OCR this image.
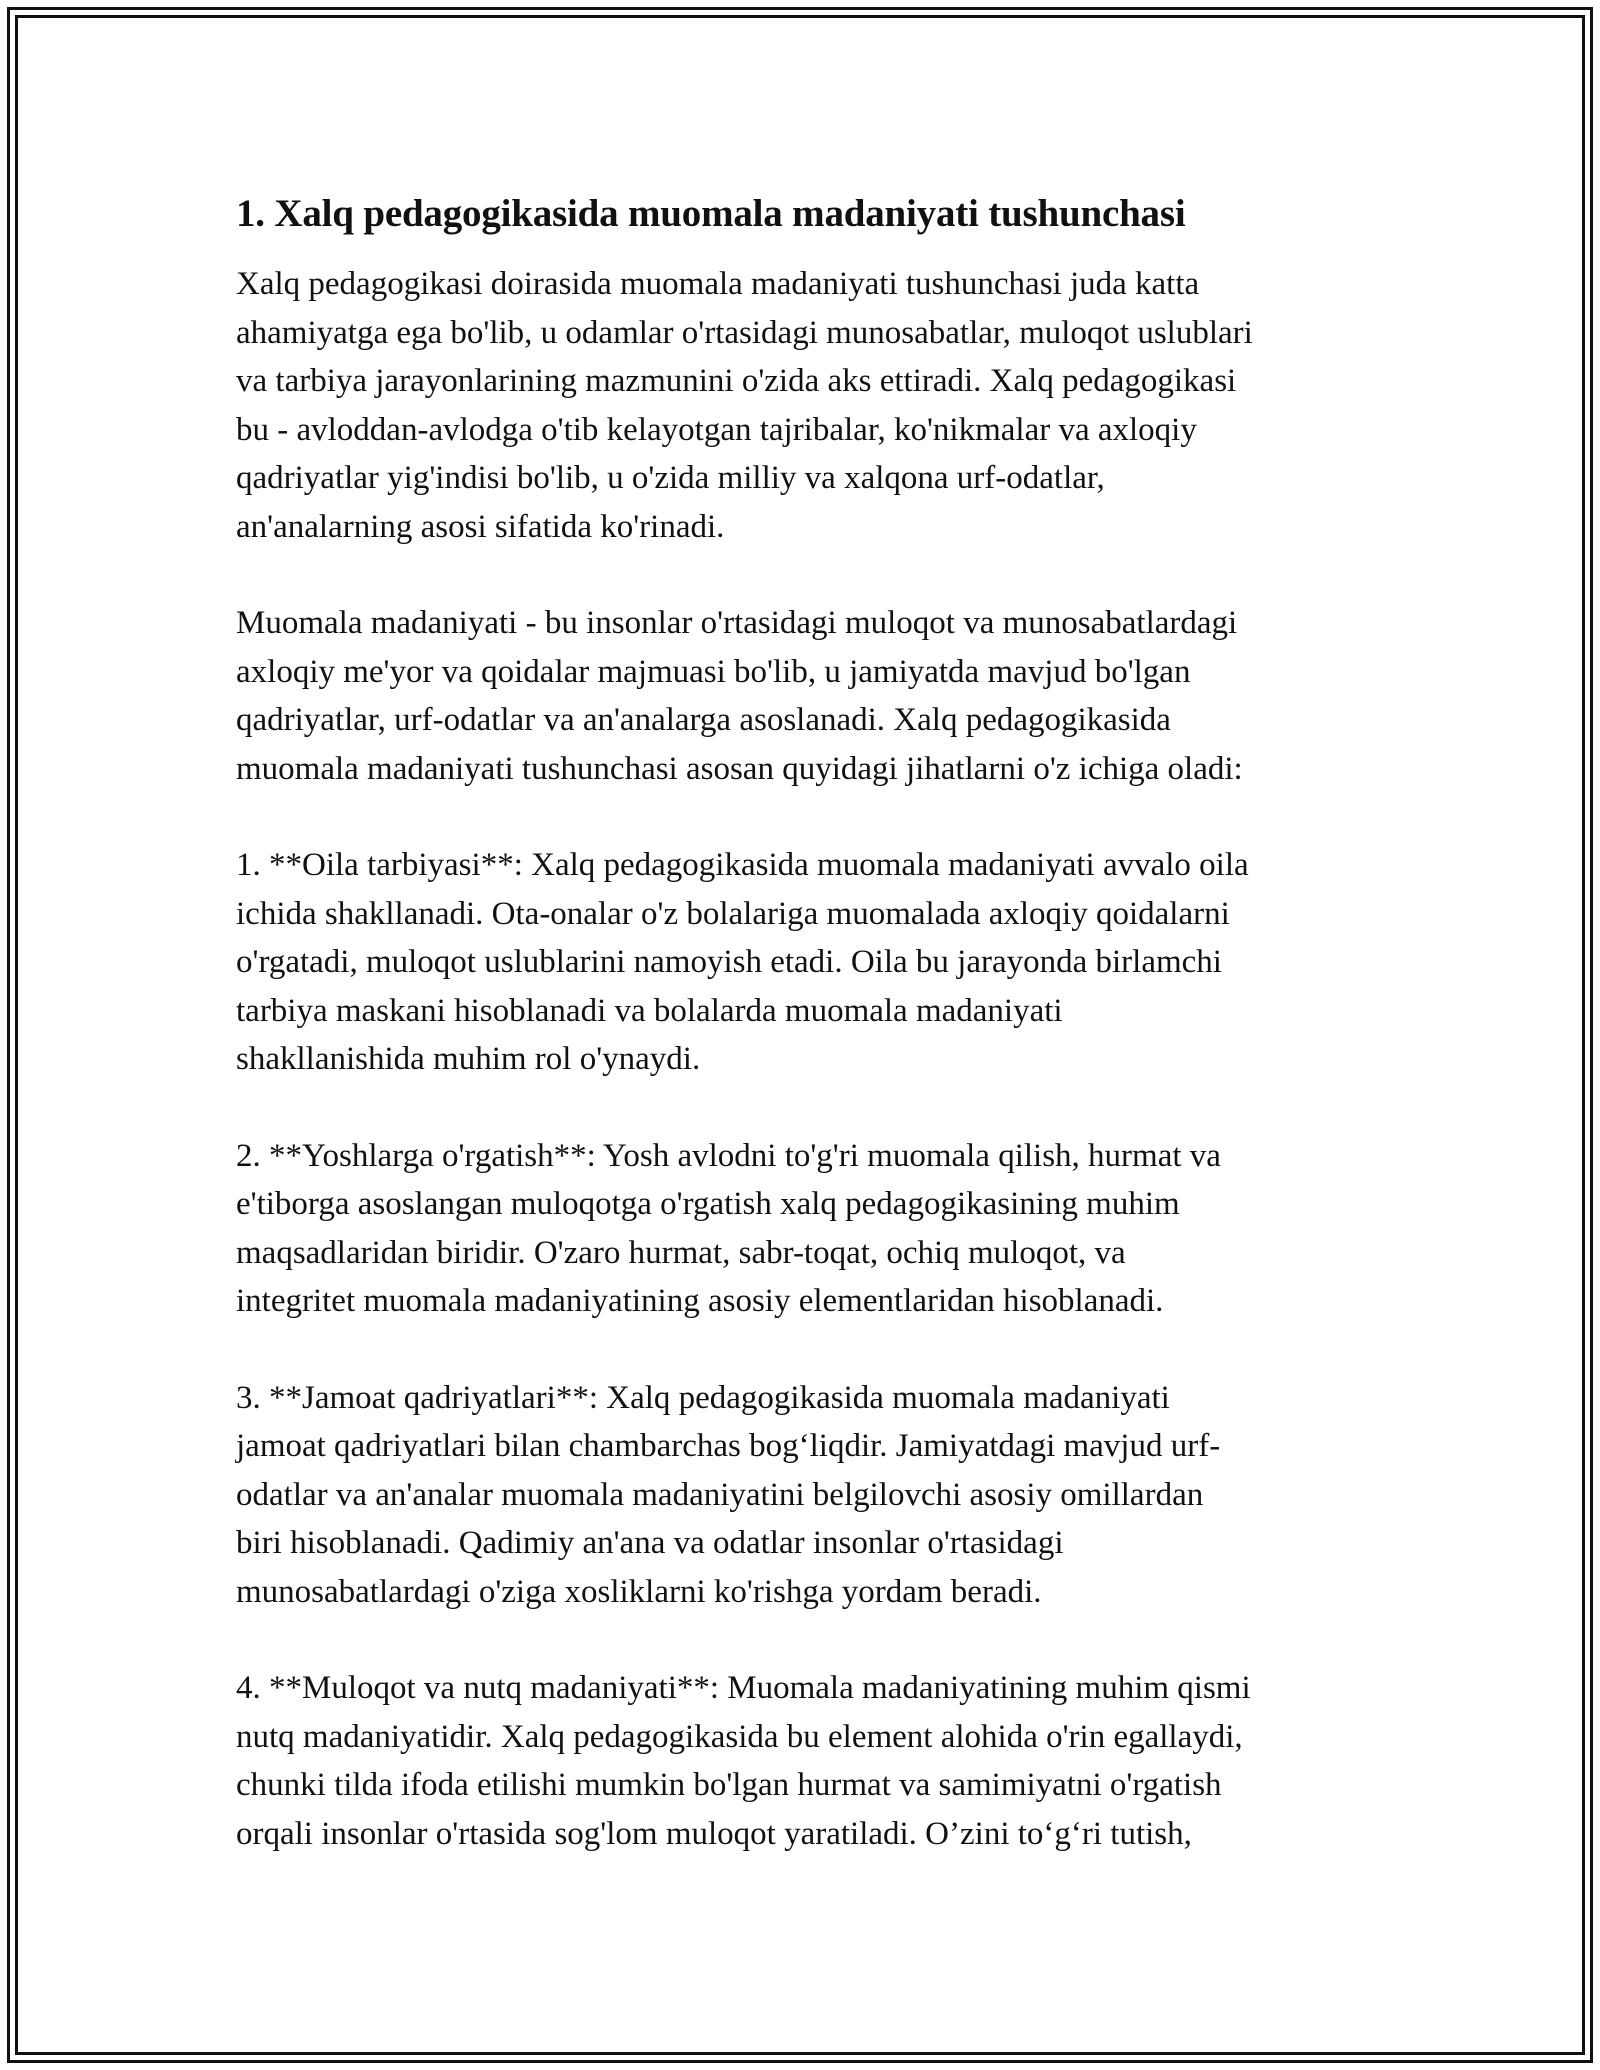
1. Xalq pedagogikasida muomala madaniyati tushunchasi

Xalq pedagogikasi doirasida muomala madaniyati tushunchasi juda katta
ahamiyatga ega bo'lib, u odamlar o'rtasidagi munosabatlar, muloqot uslublari
va tarbiya jarayonlarining mazmunini o'zida aks ettiradi. Xalq pedagogikasi
bu - avloddan-avlodga o'tib kelayotgan tajribalar, ko'nikmalar va axloqiy
qadriyatlar yig'indisi bo'lib, u o'zida milliy va xalqona urf-odatlar,
an'analarning asosi sifatida ko'rinadi.

Muomala madaniyati - bu insonlar o'rtasidagi muloqot va munosabatlardagi
axloqiy me'yor va qoidalar majmuasi bo'lib, u jamiyatda mavjud bo'lgan
qadriyatlar, urf-odatlar va an'analarga asoslanadi. Xalq pedagogikasida
muomala madaniyati tushunchasi asosan quyidagi jihatlarni o'z ichiga oladi:

1. **Oila tarbiyasi**: Xalq pedagogikasida muomala madaniyati avvalo oila
ichida shakllanadi. Ota-onalar o'z bolalariga muomalada axloqiy qoidalarni
o'rgatadi, muloqot uslublarini namoyish etadi. Oila bu jarayonda birlamchi
tarbiya maskani hisoblanadi va bolalarda muomala madaniyati
shakllanishida muhim rol o'ynaydi.

2. **Yoshlarga o'rgatish**: Yosh avlodni to'g'ri muomala qilish, hurmat va
e'tiborga asoslangan muloqotga o'rgatish xalq pedagogikasining muhim
maqsadlaridan biridir. O'zaro hurmat, sabr-toqat, ochiq muloqot, va
integritet muomala madaniyatining asosiy elementlaridan hisoblanadi.

3. **Jamoat qadriyatlari**: Xalq pedagogikasida muomala madaniyati
jamoat qadriyatlari bilan chambarchas bog‘liqdir. Jamiyatdagi mavjud urf-
odatlar va an'analar muomala madaniyatini belgilovchi asosiy omillardan
biri hisoblanadi. Qadimiy an'ana va odatlar insonlar o'rtasidagi
munosabatlardagi o'ziga xosliklarni ko'rishga yordam beradi.

4. **Muloqot va nutq madaniyati**: Muomala madaniyatining muhim qismi
nutq madaniyatidir. Xalq pedagogikasida bu element alohida o'rin egallaydi,
chunki tilda ifoda etilishi mumkin bo'lgan hurmat va samimiyatni o'rgatish
orqali insonlar o'rtasida sog'lom muloqot yaratiladi. O’zini to‘g‘ri tutish,
